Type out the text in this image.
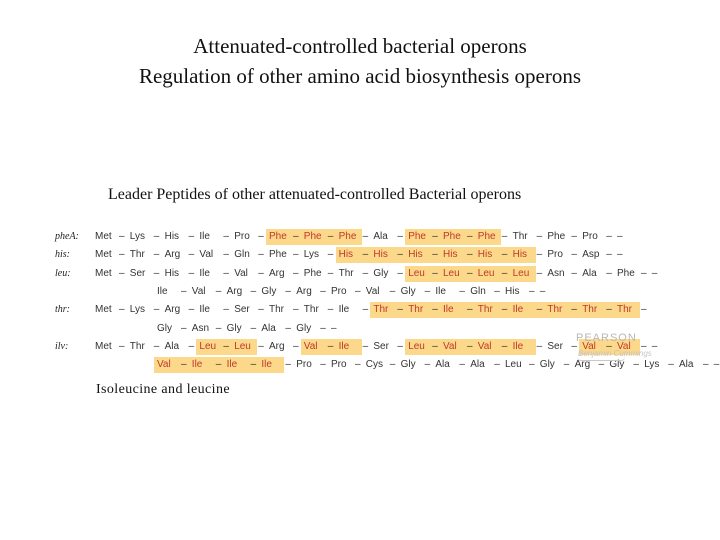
Attenuated-controlled bacterial operons
Regulation of other amino acid biosynthesis operons
Leader Peptides of other attenuated-controlled Bacterial operons
pheA: Met – Lys – His – Ile – Pro – Phe – Phe – Phe – Ala – Phe – Phe – Phe – Thr – Phe – Pro – –
his:	Met – Thr – Arg – Val – Gln – Phe – Lys – His – His – His – His – His – His – Pro – Asp – –
leu: Met – Ser – His – Ile – Val – Arg – Phe – Thr – Gly – Leu – Leu – Leu – Leu – Asn – Ala – Phe – –
Ile – Val – Arg – Gly – Arg – Pro – Val – Gly – Ile – Gln – His – –
thr:	Met – Lys – Arg – Ile – Ser – Thr – Thr – Ile – Thr – Thr – Ile – Thr – Ile – Thr – Thr – Thr –
Gly – Asn – Gly – Ala – Gly – –
ilv:	Met – Thr – Ala – Leu – Leu – Arg – Val – Ile – Ser – Leu – Val – Val – Ile – Ser – Val – Val – –
Val – Ile – Ile – Ile – Pro – Pro – Cys – Gly – Ala – Ala – Leu – Gly – Arg – Gly – Lys – Ala – –
PEARSON
Benjamin Cummings
Isoleucine and leucine
